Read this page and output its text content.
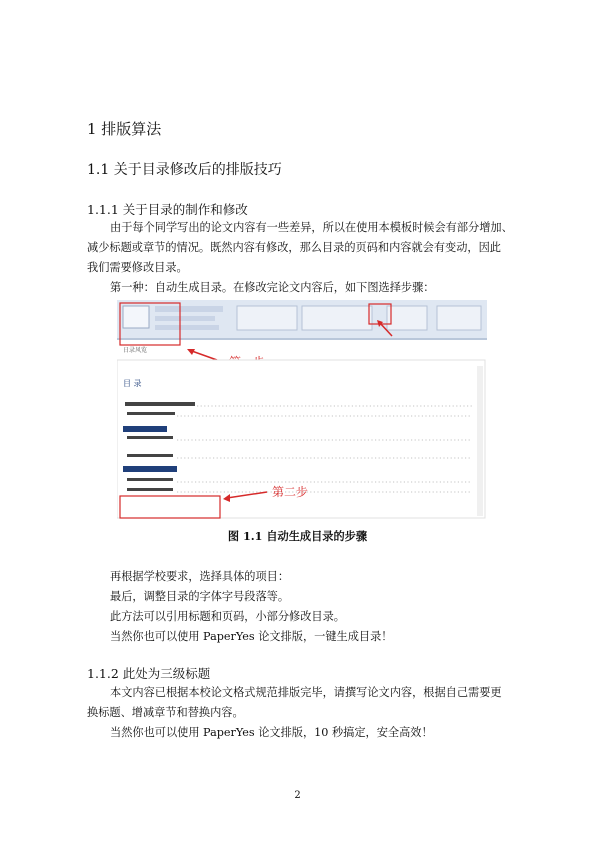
1 排版算法
1.1 关于目录修改后的排版技巧
1.1.1 关于目录的制作和修改
由于每个同学写出的论文内容有一些差异，所以在使用本模板时候会有部分增加、
减少标题或章节的情况。既然内容有修改，那么目录的页码和内容就会有变动，因此
我们需要修改目录。
第一种：自动生成目录。在修改完论文内容后，如下图选择步骤：
日录风览
目 录
第二步
图 1.1 自动生成目录的步骤
再根据学校要求，选择具体的项目：
最后，调整目录的字体字号段落等。
此方法可以引用标题和页码，小部分修改目录。
当然你也可以使用 PaperYes 论文排版，一键生成目录！
1.1.2 此处为三级标题
本文内容已根据本校论文格式规范排版完毕，请撰写论文内容，根据自己需要更
换标题、增减章节和替换内容。
当然你也可以使用 PaperYes 论文排版，10 秒搞定，安全高效！
2
